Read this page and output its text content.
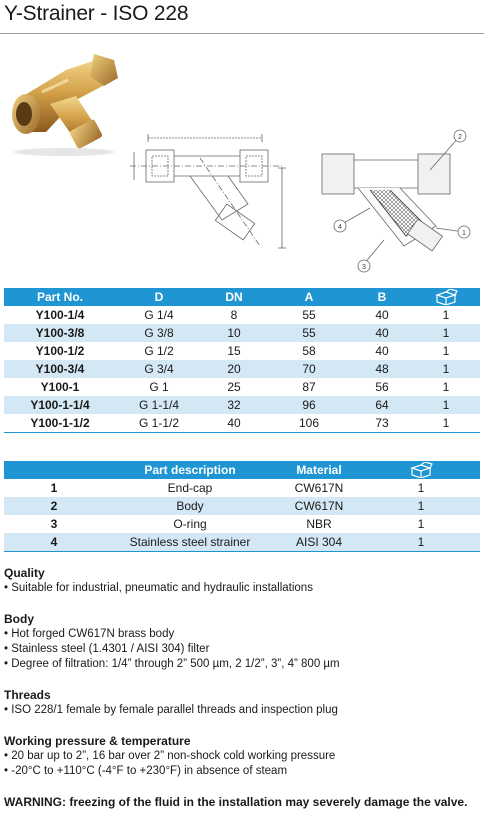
Y-Strainer - ISO 228
1
2
3
4
Part No.	D	DN	A	B	
Y100-1/4	G 1/4	8	55	40	1
Y100-3/8	G 3/8	10	55	40	1
Y100-1/2	G 1/2	15	58	40	1
Y100-3/4	G 3/4	20	70	48	1
Y100-1	G 1	25	87	56	1
Y100-1-1/4	G 1-1/4	32	96	64	1
Y100-1-1/2	G 1-1/2	40	106	73	1
	Part description	Material	
1	End-cap	CW617N	1
2	Body	CW617N	1
3	O-ring	NBR	1
4	Stainless steel strainer	AISI 304	1
Quality
• Suitable for industrial, pneumatic and hydraulic installations
Body
• Hot forged CW617N brass body
• Stainless steel (1.4301 / AISI 304) filter
• Degree of filtration: 1/4” through 2” 500 µm, 2 1/2”, 3”, 4” 800 µm
Threads
• ISO 228/1 female by female parallel threads and inspection plug
Working pressure & temperature
• 20 bar up to 2”, 16 bar over 2” non-shock cold working pressure
• -20°C to +110°C (-4°F to +230°F) in absence of steam
WARNING: freezing of the fluid in the installation may severely damage the valve.
